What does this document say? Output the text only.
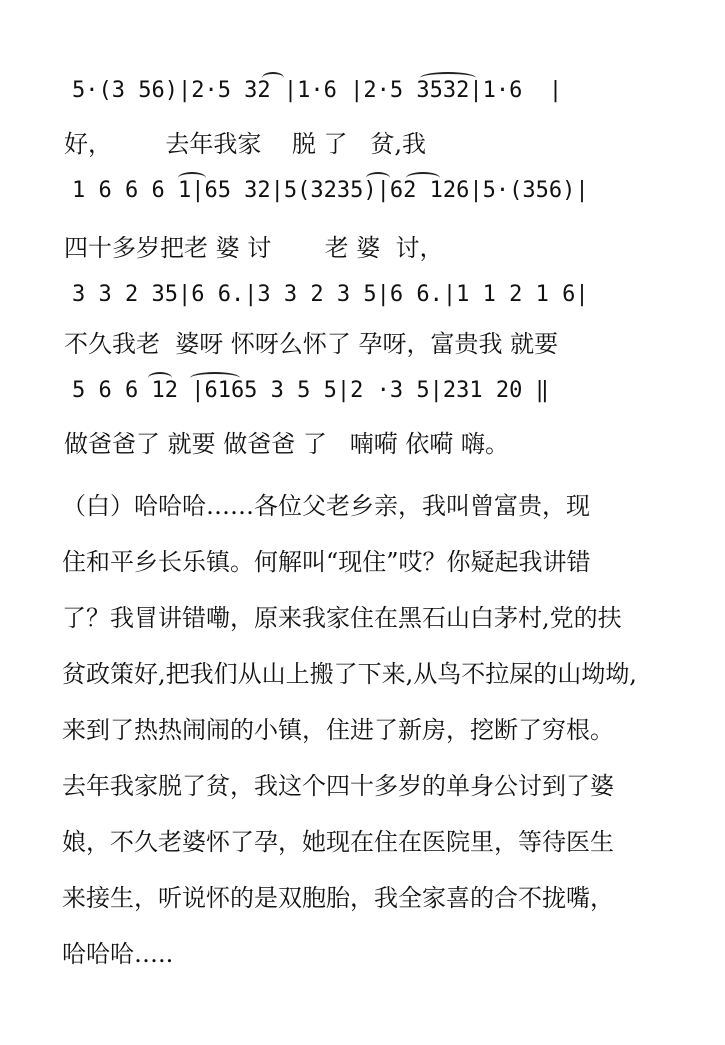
5·(3 56)|2·5 32 |1·6 |2·5 3532|1·6  |
好，       去年我家    脱 了   贫,我
1 6 6 6 1|65 32|5(3235)|62 126|5·(356)|
四十多岁把老 婆 讨       老 婆  讨，
3 3 2 35|6 6.|3 3 2 3 5|6 6.|1 1 2 1 6|
不久我老  婆呀 怀呀么怀了 孕呀，富贵我 就要
5 6 6 12 |6165 3 5 5|2 ·3 5|231 20 ‖
做爸爸了 就要 做爸爸 了   喃嗬 依嗬 嗨。
（白）哈哈哈……各位父老乡亲，我叫曾富贵，现
住和平乡长乐镇。何解叫“现住”哎？你疑起我讲错
了？我冒讲错嘞，原来我家住在黑石山白茅村,党的扶
贫政策好,把我们从山上搬了下来,从鸟不拉屎的山坳坳,
来到了热热闹闹的小镇，住进了新房，挖断了穷根。
去年我家脱了贫，我这个四十多岁的单身公讨到了婆
娘，不久老婆怀了孕，她现在住在医院里，等待医生
来接生，听说怀的是双胞胎，我全家喜的合不拢嘴，
哈哈哈…..
